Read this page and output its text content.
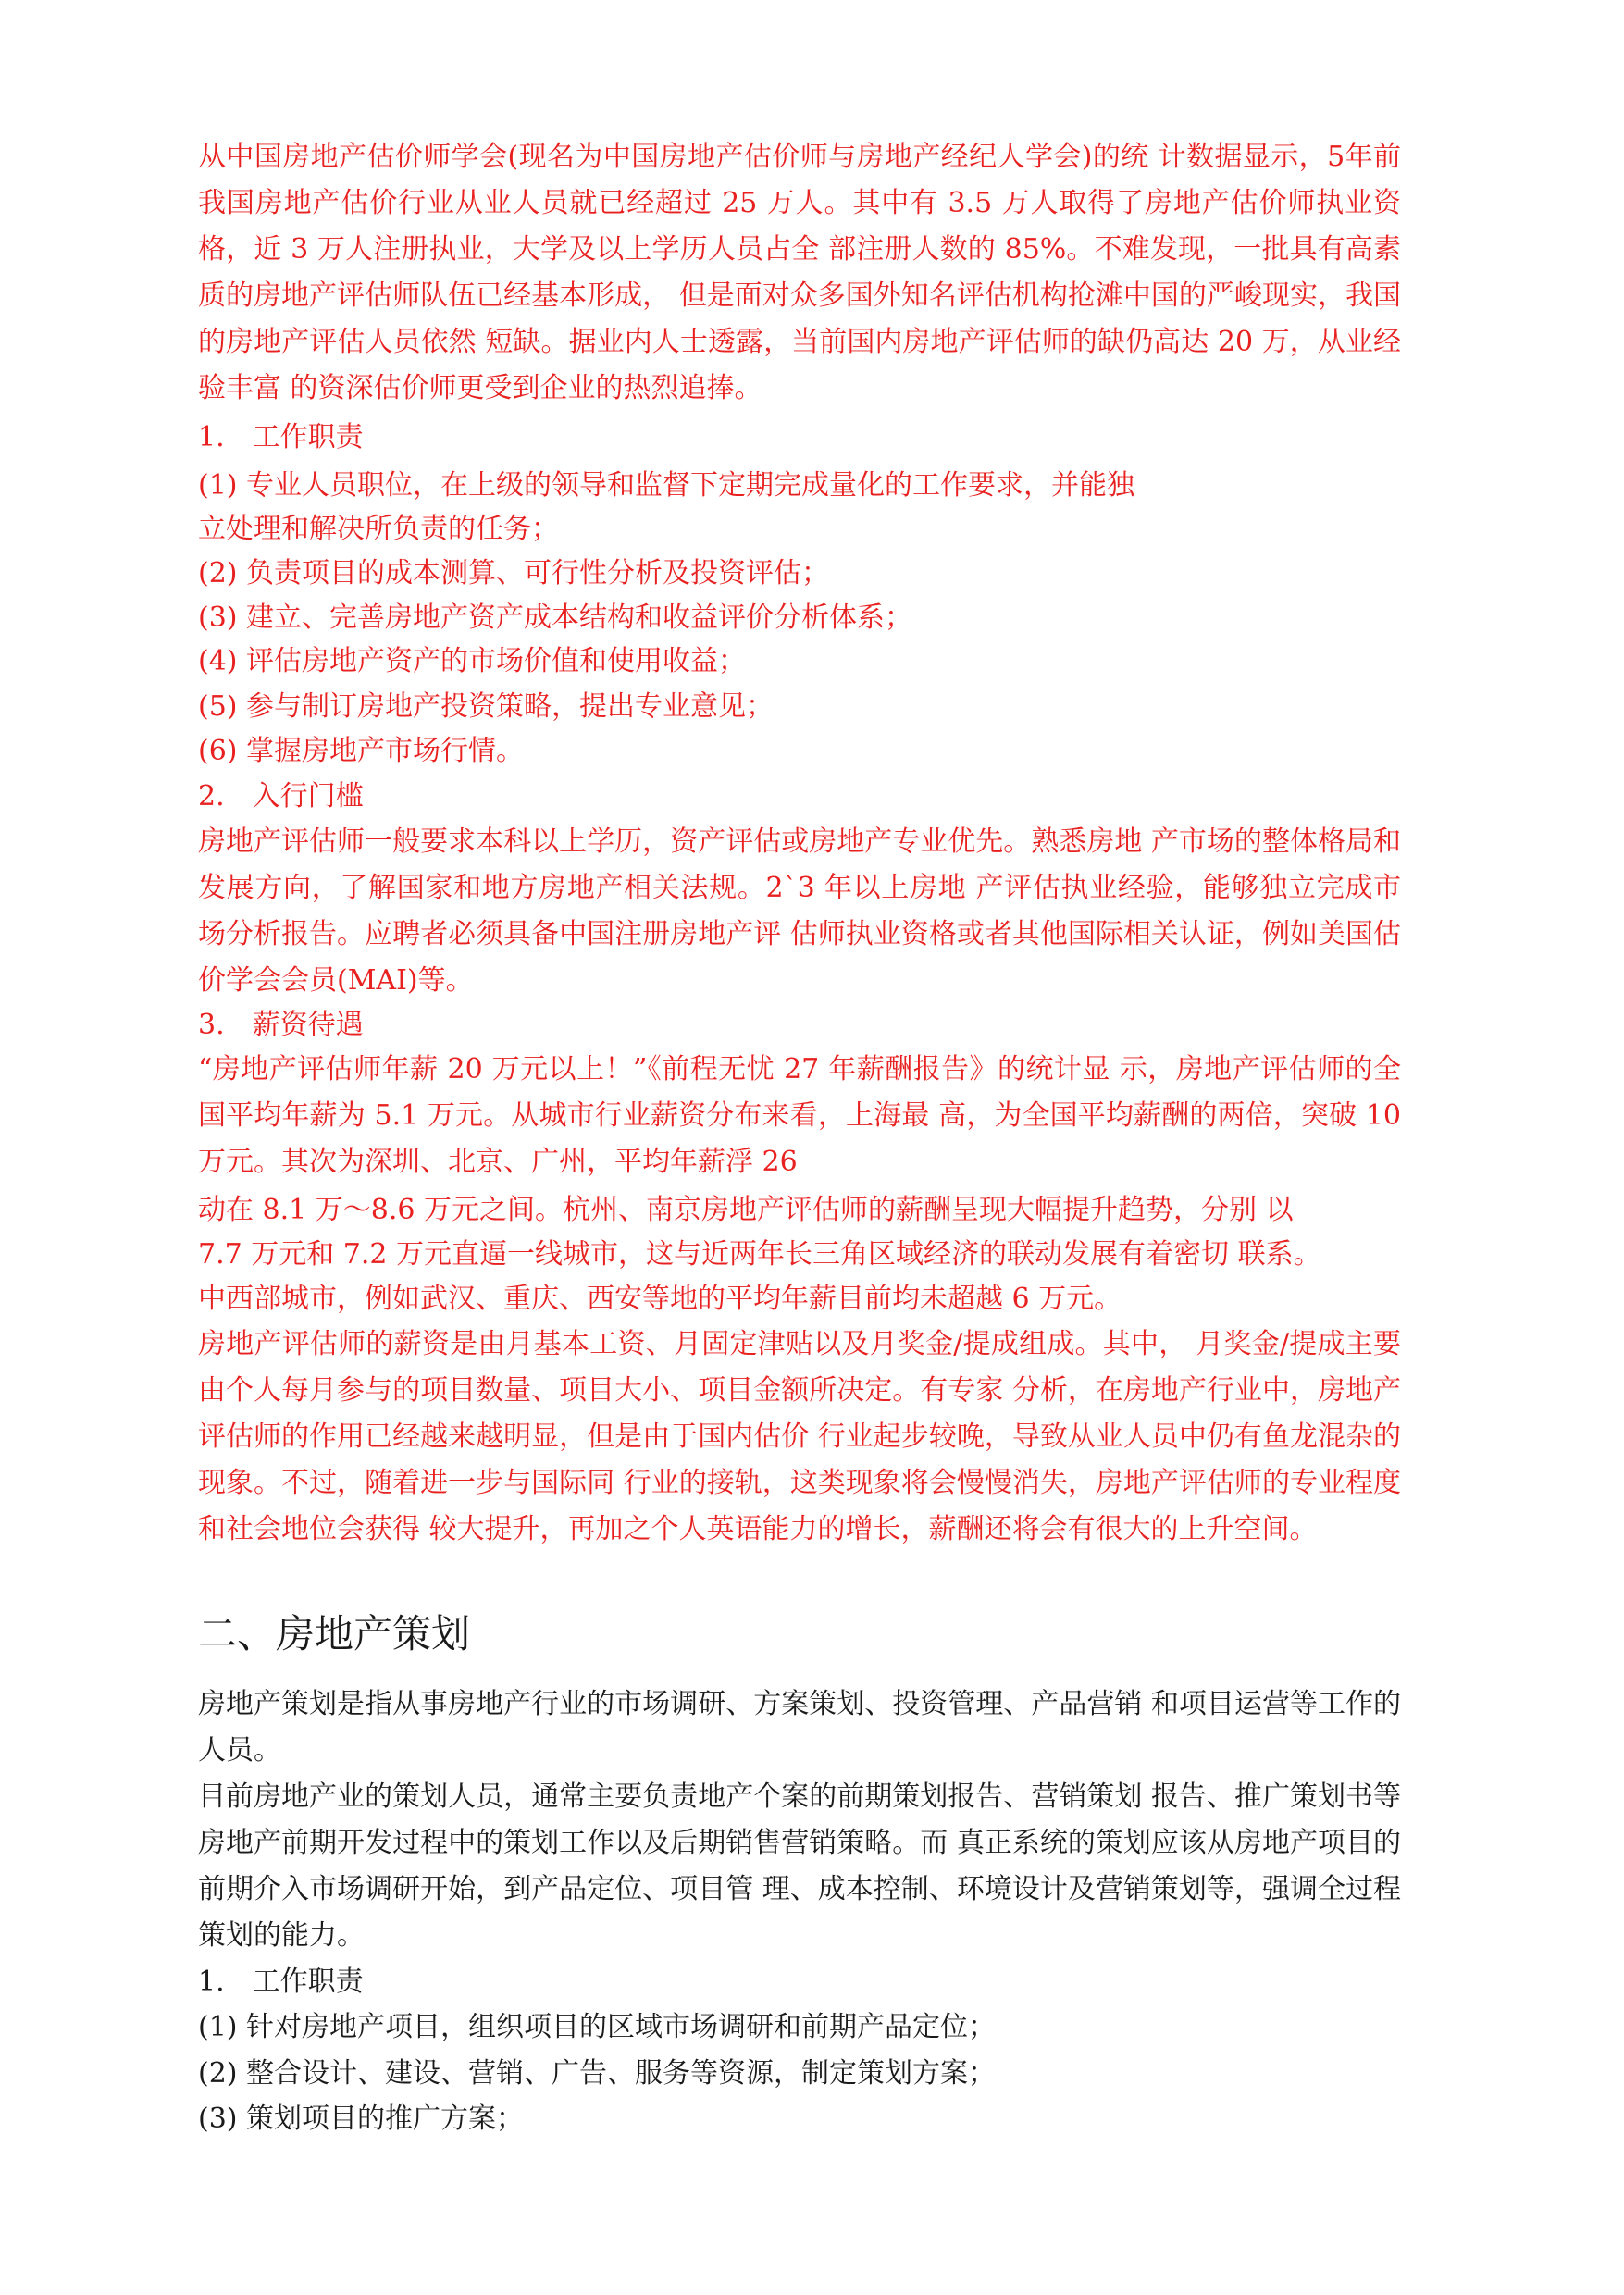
从中国房地产估价师学会(现名为中国房地产估价师与房地产经纪人学会)的统 计数据显示，5年前我国房地产估价行业从业人员就已经超过 25 万人。其中有 3.5 万人取得了房地产估价师执业资格，近 3 万人注册执业，大学及以上学历人员占全 部注册人数的 85%。不难发现，一批具有高素质的房地产评估师队伍已经基本形成， 但是面对众多国外知名评估机构抢滩中国的严峻现实，我国的房地产评估人员依然 短缺。据业内人士透露，当前国内房地产评估师的缺仍高达 20 万，从业经验丰富 的资深估价师更受到企业的热烈追捧。

1.　工作职责
(1) 专业人员职位，在上级的领导和监督下定期完成量化的工作要求，并能独
立处理和解决所负责的任务；
(2) 负责项目的成本测算、可行性分析及投资评估；
(3) 建立、完善房地产资产成本结构和收益评价分析体系；
(4) 评估房地产资产的市场价值和使用收益；
(5) 参与制订房地产投资策略，提出专业意见；
(6) 掌握房地产市场行情。
2.　入行门槛

房地产评估师一般要求本科以上学历，资产评估或房地产专业优先。熟悉房地 产市场的整体格局和发展方向，了解国家和地方房地产相关法规。2`3 年以上房地 产评估执业经验，能够独立完成市场分析报告。应聘者必须具备中国注册房地产评 估师执业资格或者其他国际相关认证，例如美国估价学会会员(MAI)等。

3.　薪资待遇

“房地产评估师年薪 20 万元以上！”《前程无忧 27 年薪酬报告》的统计显 示，房地产评估师的全国平均年薪为 5.1 万元。从城市行业薪资分布来看，上海最 高，为全国平均薪酬的两倍，突破 10 万元。其次为深圳、北京、广州，平均年薪浮 26

动在 8.1 万〜8.6 万元之间。杭州、南京房地产评估师的薪酬呈现大幅提升趋势，分别 以
7.7 万元和 7.2 万元直逼一线城市，这与近两年长三角区域经济的联动发展有着密切 联系。
中西部城市，例如武汉、重庆、西安等地的平均年薪目前均未超越 6 万元。

房地产评估师的薪资是由月基本工资、月固定津贴以及月奖金/提成组成。其中， 月奖金/提成主要由个人每月参与的项目数量、项目大小、项目金额所决定。有专家 分析，在房地产行业中，房地产评估师的作用已经越来越明显，但是由于国内估价 行业起步较晚，导致从业人员中仍有鱼龙混杂的现象。不过，随着进一步与国际同 行业的接轨，这类现象将会慢慢消失，房地产评估师的专业程度和社会地位会获得 较大提升，再加之个人英语能力的增长，薪酬还将会有很大的上升空间。

二、房地产策划

房地产策划是指从事房地产行业的市场调研、方案策划、投资管理、产品营销 和项目运营等工作的人员。

目前房地产业的策划人员，通常主要负责地产个案的前期策划报告、营销策划 报告、推广策划书等房地产前期开发过程中的策划工作以及后期销售营销策略。而 真正系统的策划应该从房地产项目的前期介入市场调研开始，到产品定位、项目管 理、成本控制、环境设计及营销策划等，强调全过程策划的能力。

1.　工作职责
(1) 针对房地产项目，组织项目的区域市场调研和前期产品定位；
(2) 整合设计、建设、营销、广告、服务等资源，制定策划方案；
(3) 策划项目的推广方案；
